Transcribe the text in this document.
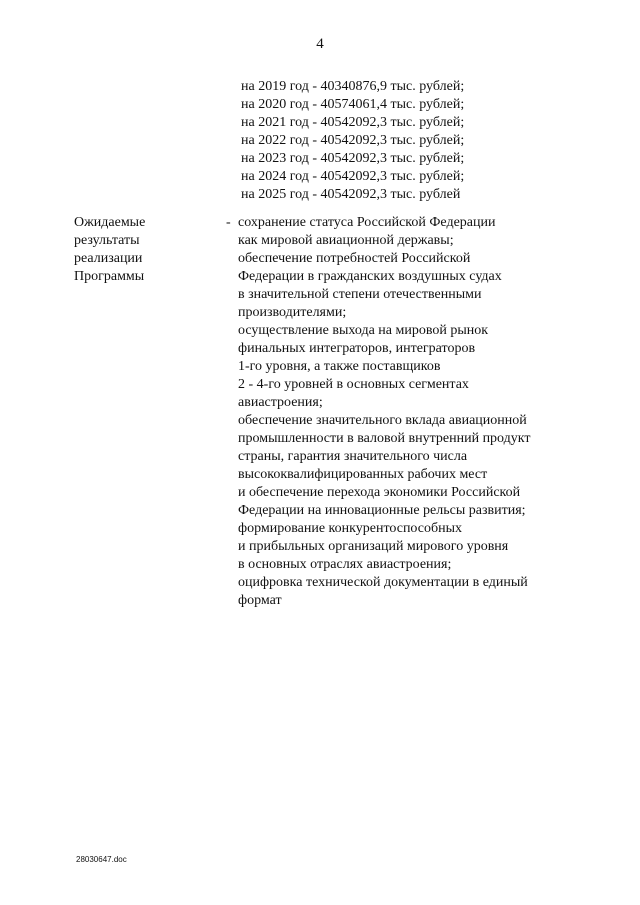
4
на 2019 год - 40340876,9 тыс. рублей;
на 2020 год - 40574061,4 тыс. рублей;
на 2021 год - 40542092,3 тыс. рублей;
на 2022 год - 40542092,3 тыс. рублей;
на 2023 год - 40542092,3 тыс. рублей;
на 2024 год - 40542092,3 тыс. рублей;
на 2025 год - 40542092,3 тыс. рублей
Ожидаемые
результаты
реализации
Программы
- сохранение статуса Российской Федерации
как мировой авиационной державы;
обеспечение потребностей Российской
Федерации в гражданских воздушных судах
в значительной степени отечественными
производителями;
осуществление выхода на мировой рынок
финальных интеграторов, интеграторов
1-го уровня, а также поставщиков
2 - 4-го уровней в основных сегментах
авиастроения;
обеспечение значительного вклада авиационной
промышленности в валовой внутренний продукт
страны, гарантия значительного числа
высококвалифицированных рабочих мест
и обеспечение перехода экономики Российской
Федерации на инновационные рельсы развития;
формирование конкурентоспособных
и прибыльных организаций мирового уровня
в основных отраслях авиастроения;
оцифровка технической документации в единый
формат
28030647.doc
